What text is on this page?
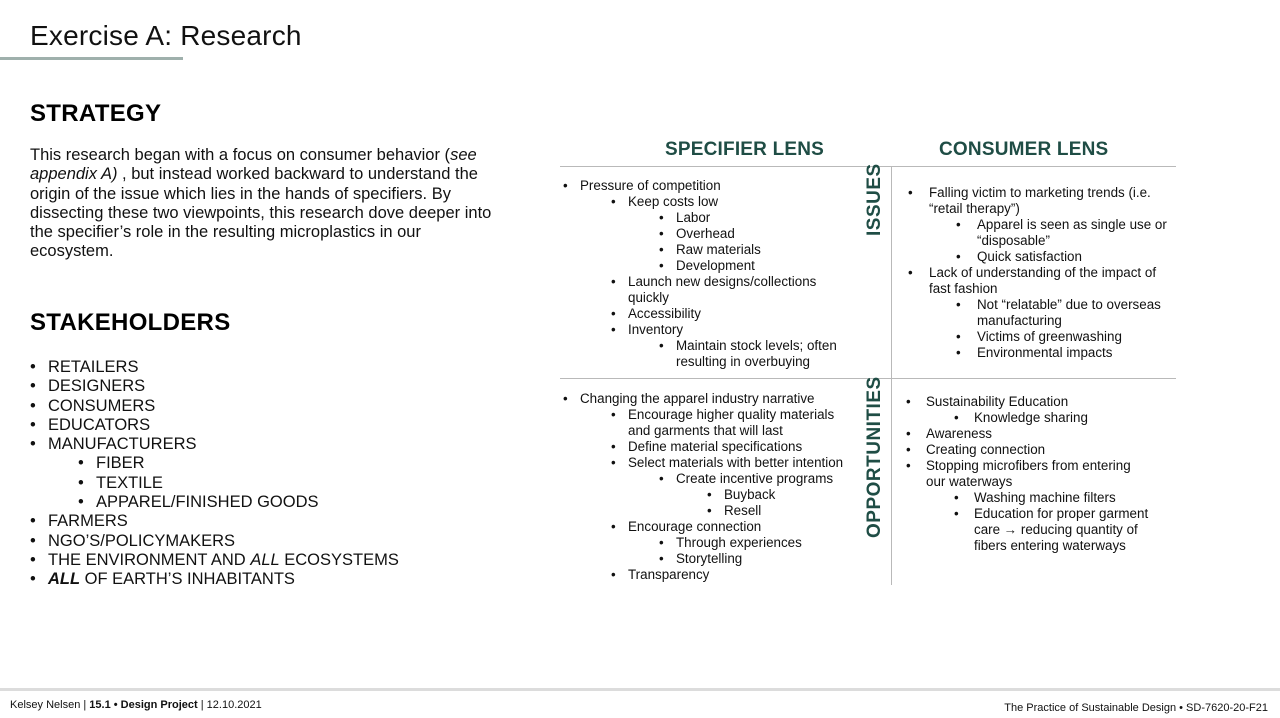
Exercise A: Research
STRATEGY

This research began with a focus on consumer behavior (see appendix A) , but instead worked backward to understand the origin of the issue which lies in the hands of specifiers. By dissecting these two viewpoints, this research dove deeper into the specifier’s role in the resulting microplastics in our ecosystem.

STAKEHOLDERS
• RETAILERS
• DESIGNERS
• CONSUMERS
• EDUCATORS
• MANUFACTURERS
• FIBER
• TEXTILE
• APPAREL/FINISHED GOODS
• FARMERS
• NGO’S/POLICYMAKERS
• THE ENVIRONMENT AND ALL ECOSYSTEMS
• ALL OF EARTH’S INHABITANTS
SPECIFIER LENS	CONSUMER LENS
ISSUES
OPPORTUNITIES
• Pressure of competition
• Keep costs low
• Labor
• Overhead
• Raw materials
• Development
• Launch new designs/collections quickly
• Accessibility
• Inventory
• Maintain stock levels; often resulting in overbuying
• Falling victim to marketing trends (i.e. “retail therapy”)
• Apparel is seen as single use or “disposable”
• Quick satisfaction
• Lack of understanding of the impact of fast fashion
• Not “relatable” due to overseas manufacturing
• Victims of greenwashing
• Environmental impacts
• Changing the apparel industry narrative
• Encourage higher quality materials and garments that will last
• Define material specifications
• Select materials with better intention
• Create incentive programs
• Buyback
• Resell
• Encourage connection
• Through experiences
• Storytelling
• Transparency
• Sustainability Education
• Knowledge sharing
• Awareness
• Creating connection
• Stopping microfibers from entering our waterways
• Washing machine filters
• Education for proper garment care → reducing quantity of fibers entering waterways
Kelsey Nelsen | 15.1 • Design Project | 12.10.2021	The Practice of Sustainable Design • SD-7620-20-F21
